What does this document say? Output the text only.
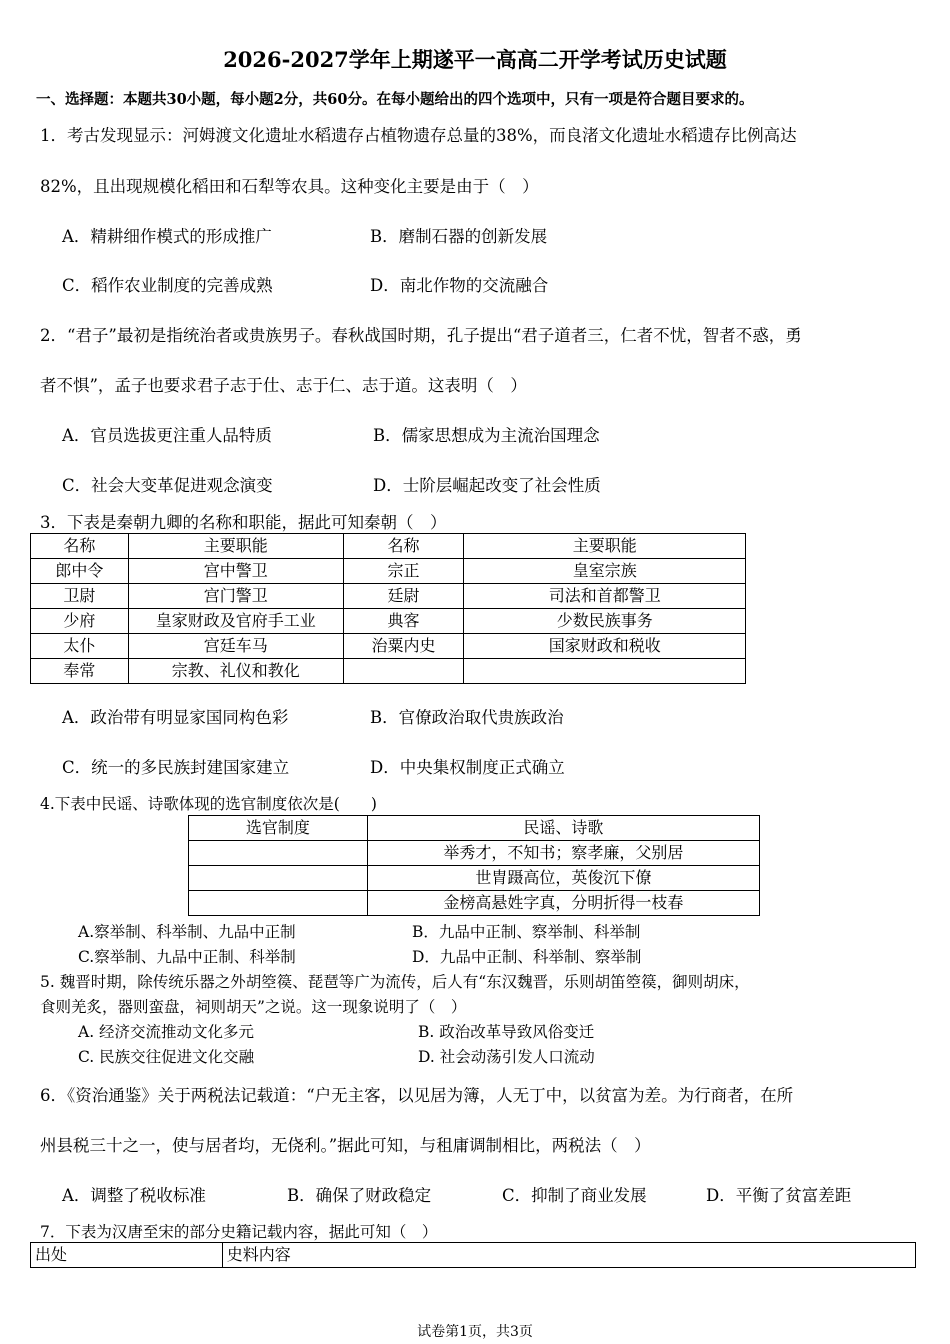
2026-2027学年上期遂平一高高二开学考试历史试题
一、选择题：本题共30小题，每小题2分，共60分。在每小题给出的四个选项中，只有一项是符合题目要求的。
1．考古发现显示：河姆渡文化遗址水稻遗存占植物遗存总量的38%，而良渚文化遗址水稻遗存比例高达
82%，且出现规模化稻田和石犁等农具。这种变化主要是由于（　）
A．精耕细作模式的形成推广	B．磨制石器的创新发展
C．稻作农业制度的完善成熟	D．南北作物的交流融合
2．“君子”最初是指统治者或贵族男子。春秋战国时期，孔子提出“君子道者三，仁者不忧，智者不惑，勇
者不惧”，孟子也要求君子志于仕、志于仁、志于道。这表明（　）
A．官员选拔更注重人品特质	B．儒家思想成为主流治国理念
C．社会大变革促进观念演变	D．士阶层崛起改变了社会性质
3．下表是秦朝九卿的名称和职能，据此可知秦朝（　）
名称	主要职能	名称	主要职能
郎中令	宫中警卫	宗正	皇室宗族
卫尉	宫门警卫	廷尉	司法和首都警卫
少府	皇家财政及官府手工业	典客	少数民族事务
太仆	宫廷车马	治粟内史	国家财政和税收
奉常	宗教、礼仪和教化		
A．政治带有明显家国同构色彩	B．官僚政治取代贵族政治
C．统一的多民族封建国家建立	D．中央集权制度正式确立
4.下表中民谣、诗歌体现的选官制度依次是(　　)
选官制度	民谣、诗歌
	举秀才，不知书；察孝廉，父别居
	世胄蹑高位，英俊沉下僚
	金榜高悬姓字真，分明折得一枝春
A.察举制、科举制、九品中正制	B．九品中正制、察举制、科举制
C.察举制、九品中正制、科举制	D．九品中正制、科举制、察举制
5. 魏晋时期，除传统乐器之外胡箜篌、琵琶等广为流传，后人有“东汉魏晋，乐则胡笛箜篌，御则胡床，
食则羌炙，器则蛮盘，祠则胡天”之说。这一现象说明了（　）
A. 经济交流推动文化多元	B. 政治改革导致风俗变迁
C. 民族交往促进文化交融	D. 社会动荡引发人口流动
6．《资治通鉴》关于两税法记载道：“户无主客，以见居为簿，人无丁中，以贫富为差。为行商者，在所
州县税三十之一，使与居者均，无侥利。”据此可知，与租庸调制相比，两税法（　）
A．调整了税收标准	B．确保了财政稳定	C．抑制了商业发展	D．平衡了贫富差距
7．下表为汉唐至宋的部分史籍记载内容，据此可知（　）
出处	史料内容
试卷第1页，共3页
